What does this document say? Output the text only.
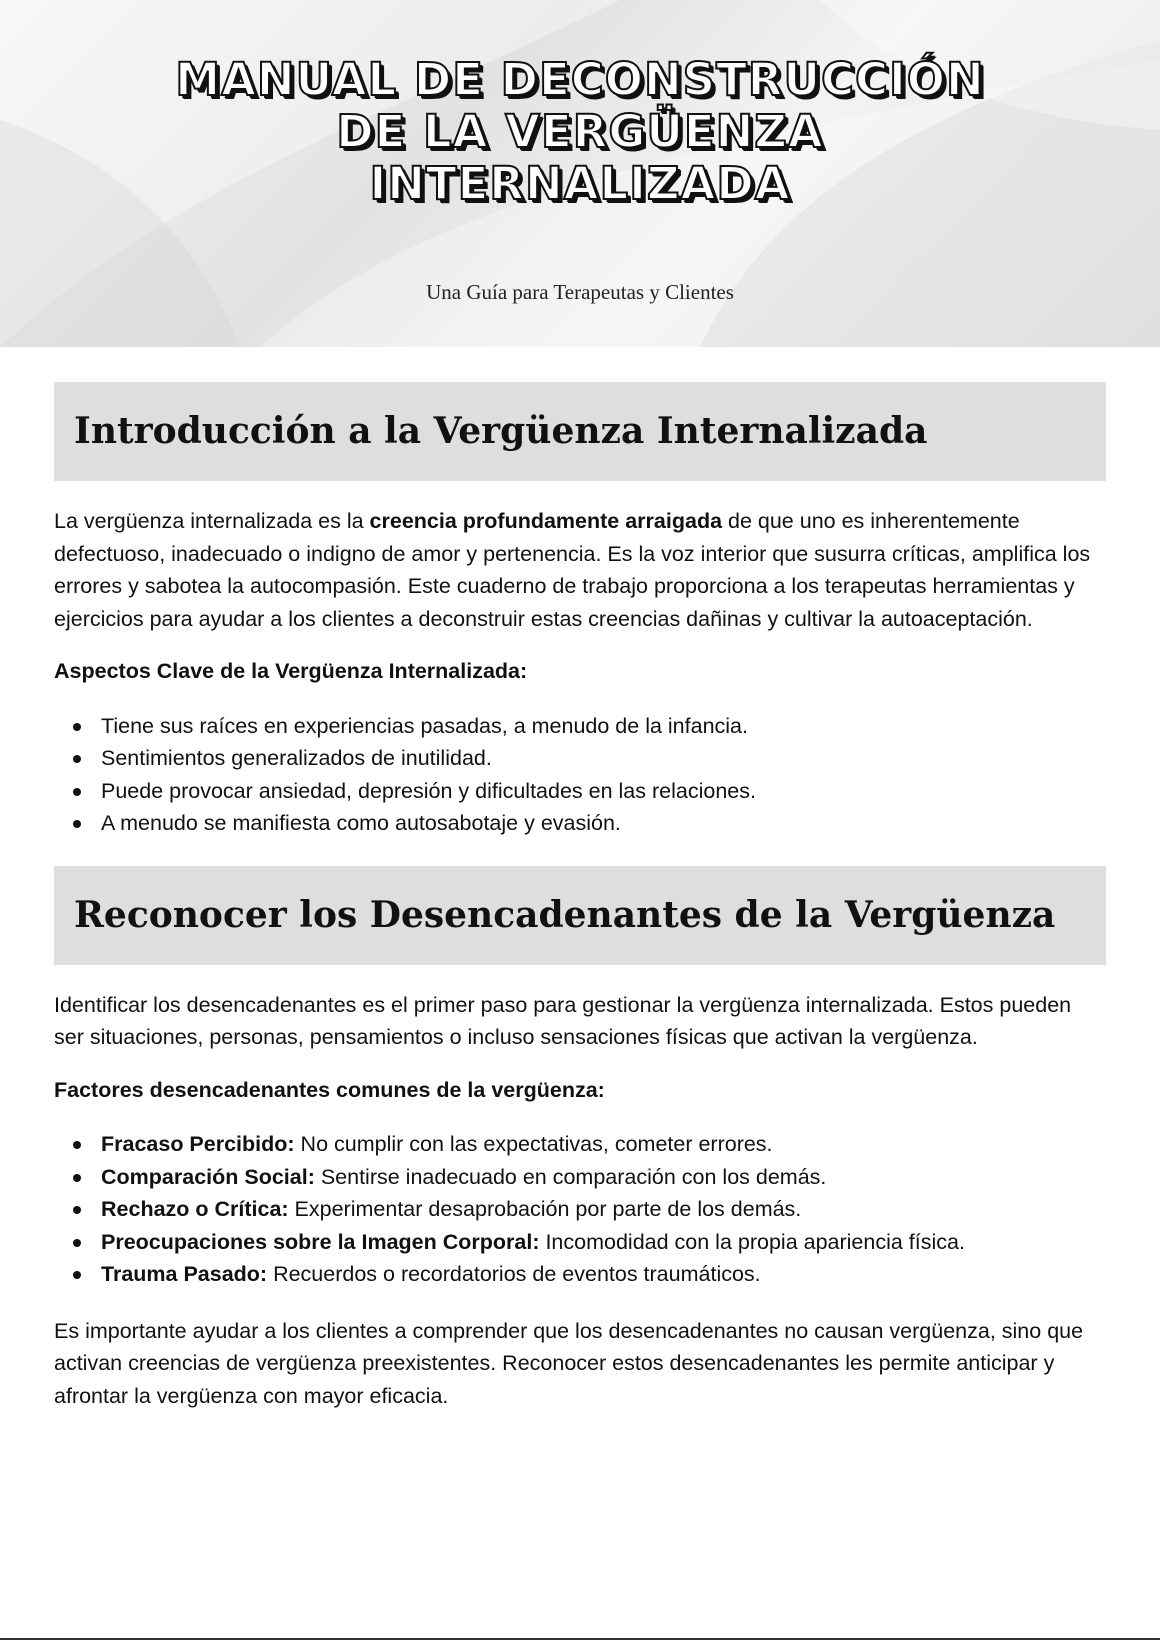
MANUAL DE DECONSTRUCCIÓN DE LA VERGÜENZA INTERNALIZADA
Una Guía para Terapeutas y Clientes
Introducción a la Vergüenza Internalizada

La vergüenza internalizada es la creencia profundamente arraigada de que uno es inherentemente defectuoso, inadecuado o indigno de amor y pertenencia. Es la voz interior que susurra críticas, amplifica los errores y sabotea la autocompasión. Este cuaderno de trabajo proporciona a los terapeutas herramientas y ejercicios para ayudar a los clientes a deconstruir estas creencias dañinas y cultivar la autoaceptación.

Aspectos Clave de la Vergüenza Internalizada:

Tiene sus raíces en experiencias pasadas, a menudo de la infancia.
Sentimientos generalizados de inutilidad.
Puede provocar ansiedad, depresión y dificultades en las relaciones.
A menudo se manifiesta como autosabotaje y evasión.
Reconocer los Desencadenantes de la Vergüenza

Identificar los desencadenantes es el primer paso para gestionar la vergüenza internalizada. Estos pueden ser situaciones, personas, pensamientos o incluso sensaciones físicas que activan la vergüenza.

Factores desencadenantes comunes de la vergüenza:

Fracaso Percibido: No cumplir con las expectativas, cometer errores.
Comparación Social: Sentirse inadecuado en comparación con los demás.
Rechazo o Crítica: Experimentar desaprobación por parte de los demás.
Preocupaciones sobre la Imagen Corporal: Incomodidad con la propia apariencia física.
Trauma Pasado: Recuerdos o recordatorios de eventos traumáticos.

Es importante ayudar a los clientes a comprender que los desencadenantes no causan vergüenza, sino que activan creencias de vergüenza preexistentes. Reconocer estos desencadenantes les permite anticipar y afrontar la vergüenza con mayor eficacia.
